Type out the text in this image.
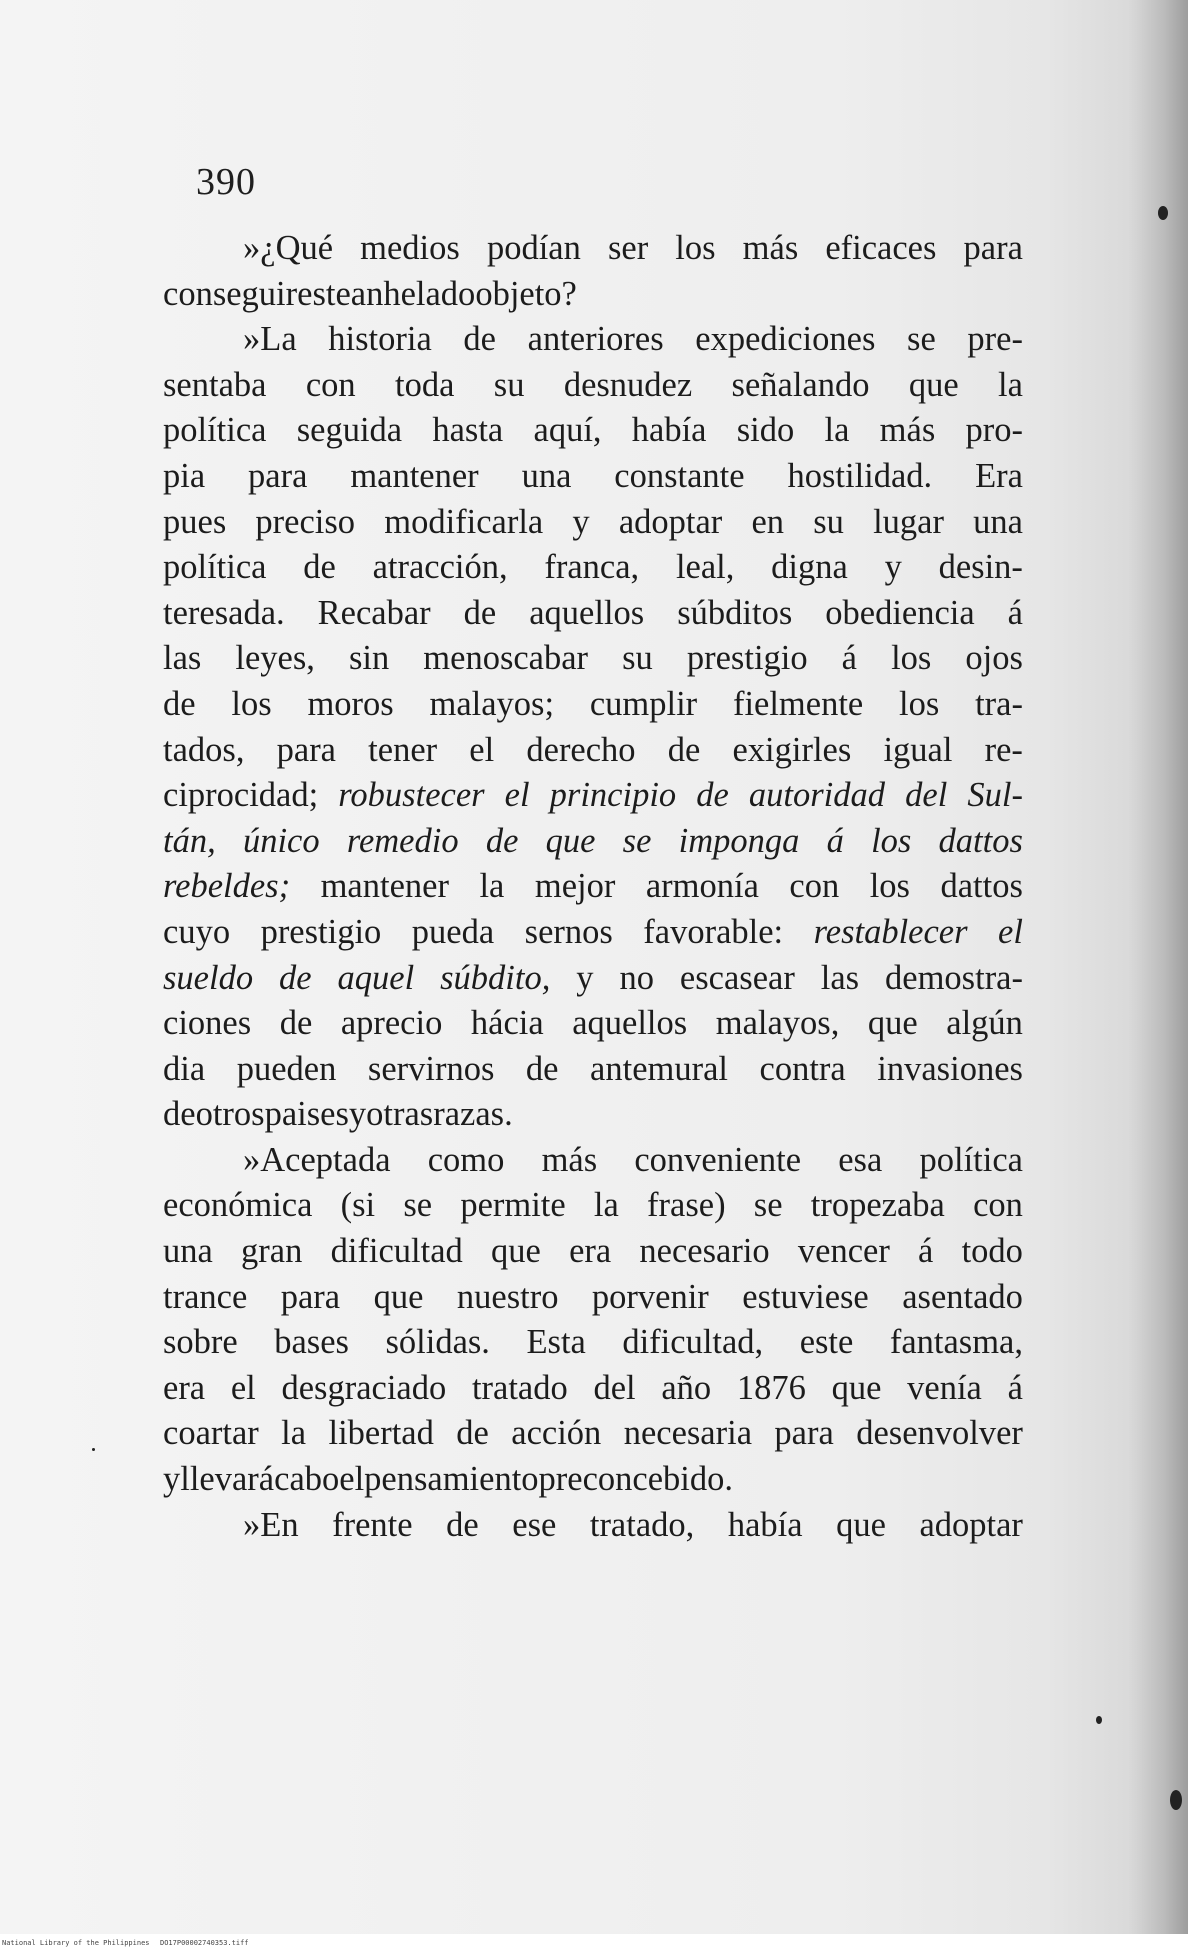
390
»¿Qué medios podían ser los más eficaces para
conseguir este anhelado objeto?
»La historia de anteriores expediciones se pre-
sentaba con toda su desnudez señalando que la
política seguida hasta aquí, había sido la más pro-
pia para mantener una constante hostilidad. Era
pues preciso modificarla y adoptar en su lugar una
política de atracción, franca, leal, digna y desin-
teresada. Recabar de aquellos súbditos obediencia á
las leyes, sin menoscabar su prestigio á los ojos
de los moros malayos; cumplir fielmente los tra-
tados, para tener el derecho de exigirles igual re-
ciprocidad; robustecer el principio de autoridad del Sul-
tán, único remedio de que se imponga á los dattos
rebeldes; mantener la mejor armonía con los dattos
cuyo prestigio pueda sernos favorable: restablecer el
sueldo de aquel súbdito, y no escasear las demostra-
ciones de aprecio hácia aquellos malayos, que algún
dia pueden servirnos de antemural contra invasiones
de otros paises y otras razas.
»Aceptada como más conveniente esa política
económica (si se permite la frase) se tropezaba con
una gran dificultad que era necesario vencer á todo
trance para que nuestro porvenir estuviese asentado
sobre bases sólidas. Esta dificultad, este fantasma,
era el desgraciado tratado del año 1876 que venía á
coartar la libertad de acción necesaria para desenvolver
y llevar á cabo el pensamiento preconcebido.
»En frente de ese tratado, había que adoptar
National Library of the Philippines DO17P00002740353.tiff
